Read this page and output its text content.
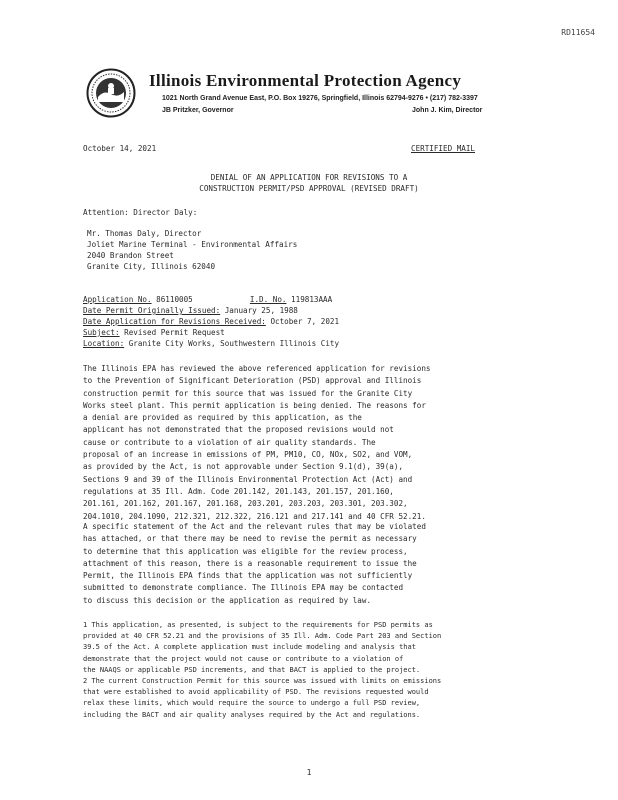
RD11654
Illinois Environmental Protection Agency
1021 North Grand Avenue East, P.O. Box 19276, Springfield, Illinois 62794-9276 • (217) 782-3397
JB Pritzker, Governor	John J. Kim, Director
October 14, 2021	CERTIFIED MAIL
DENIAL OF AN APPLICATION FOR REVISIONS TO A
CONSTRUCTION PERMIT/PSD APPROVAL (REVISED DRAFT)
Attention: Director Daly:
Mr. Thomas Daly, Director
Joliet Marine Terminal - Environmental Affairs
2040 Brandon Street
Granite City, Illinois 62040
Application No. 86110005	I.D. No. 119813AAA
Date Permit Originally Issued: January 25, 1988
Date Application for Revisions Received: October 7, 2021
Subject: Revised Permit Request
Location: Granite City Works, Southwestern Illinois City
The Illinois EPA has reviewed the above referenced application for revisions
to the Prevention of Significant Deterioration (PSD) approval and Illinois
construction permit for this source that was issued for the Granite City
Works steel plant. This permit application is being denied. The reasons for
a denial are provided as required by this application, as the
applicant has not demonstrated that the proposed revisions would not
cause or contribute to a violation of air quality standards. The
proposal of an increase in emissions of PM, PM10, CO, NOx, SO2, and VOM,
as provided by the Act, is not approvable under Section 9.1(d), 39(a),
Sections 9 and 39 of the Illinois Environmental Protection Act (Act) and
regulations at 35 Ill. Adm. Code 201.142, 201.143, 201.157, 201.160,
201.161, 201.162, 201.167, 201.168, 203.201, 203.203, 203.301, 203.302,
204.1010, 204.1090, 212.321, 212.322, 216.121 and 217.141 and 40 CFR 52.21.
A specific statement of the Act and the relevant rules that may be violated
has attached, or that there may be need to revise the permit as necessary
to determine that this application was eligible for the review process,
attachment of this reason, there is a reasonable requirement to issue the
Permit, the Illinois EPA finds that the application was not sufficiently
submitted to demonstrate compliance. The Illinois EPA may be contacted
to discuss this decision or the application as required by law.
1 This application, as presented, is subject to the requirements for PSD permits as
provided at 40 CFR 52.21 and the provisions of 35 Ill. Adm. Code Part 203 and Section
39.5 of the Act. A complete application must include modeling and analysis that
demonstrate that the project would not cause or contribute to a violation of
the NAAQS or applicable PSD increments, and that BACT is applied to the project.
2 The current Construction Permit for this source was issued with limits on emissions
that were established to avoid applicability of PSD. The revisions requested would
relax these limits, which would require the source to undergo a full PSD review,
including the BACT and air quality analyses required by the Act and regulations.
1
